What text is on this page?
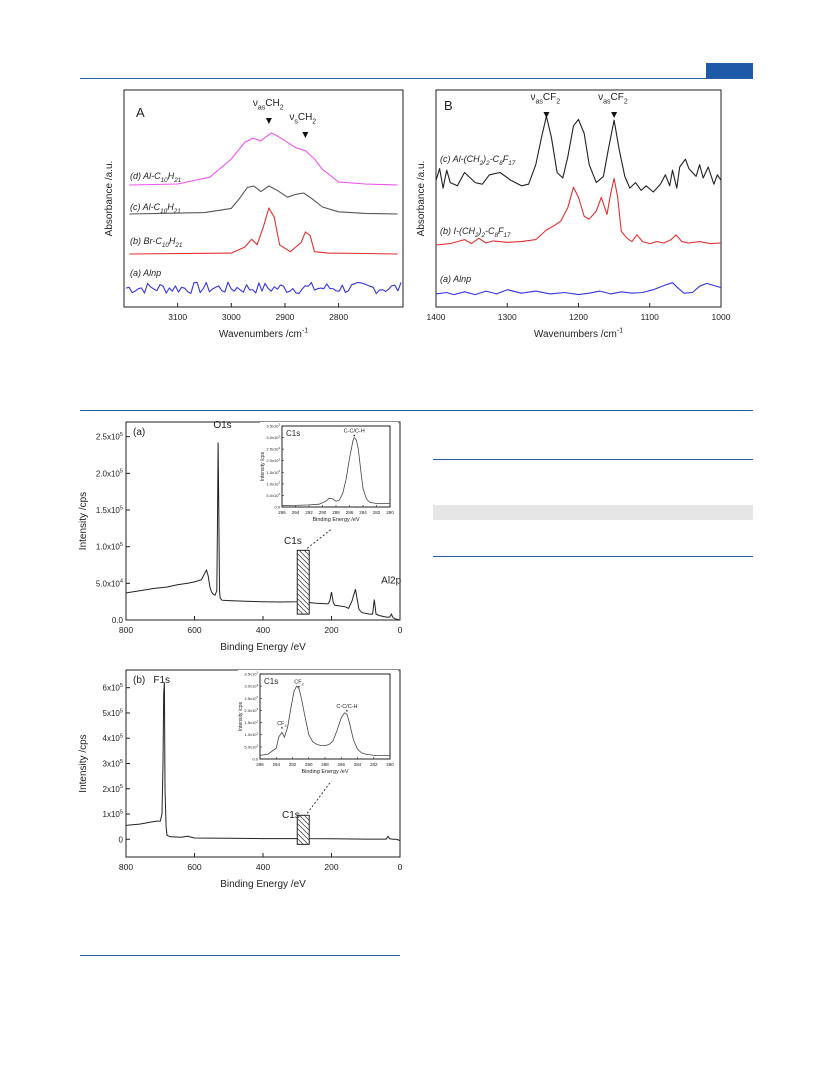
3100	3000	2900	2800
Wavenumbers $/cm^{-1}$
Absorbance /a.u.
A
(d) $Al-C_{10}H_{21}$
(c) $Al-C_{10}H_{21}$
(b) $Br-C_{10}H_{21}$
(a) Alnp
$\nu_{as}CH_2$
$\nu_sCH_2$
1400	1300	1200	1100	1000
Wavenumbers $/cm^{-1}$
Absorbance /a.u.
B
(c) $Al-(CH_2)_2-C_8F_{17}$
(b) $I-(CH_2)_2-C_8F_{17}$
(a) Alnp
$\nu_{as}CF_2$	$\nu_{as}CF_2$
800	600	400	200	0
0.0
$5.0x10^4$
$1.0x10^5$
$1.5x10^5$
$2.0x10^5$
$2.5x10^5$
Binding Energy /eV
Intensity /cps
(a)
O1s
Al2p
C1s
296 294 292 290 288 286 284 282 280
0.0
$5.0x10^2$
$1.0x10^3$
$1.5x10^3$
$2.0x10^3$
$2.5x10^3$
$3.0x10^3$
$3.5x10^3$
Binding Energy /eV
Intensity /cps
C1s	C-C/C-H
800	600	400	200	0
0
$1x10^5$
$2x10^5$
$3x10^5$
$4x10^5$
$5x10^5$
$6x10^5$
Binding Energy /eV
Intensity /cps
(b) F1s
C1s
296 294 292 290 288 286 284 282 280
0.0
$5.0x10^2$
$1.0x10^3$
$1.5x10^3$
$2.0x10^3$
$2.5x10^3$
$3.0x10^3$
$3.5x10^3$
Binding Energy /eV
Intensity /cps
C1s
$CF_3$
$CF_2$
C-C/C-H
